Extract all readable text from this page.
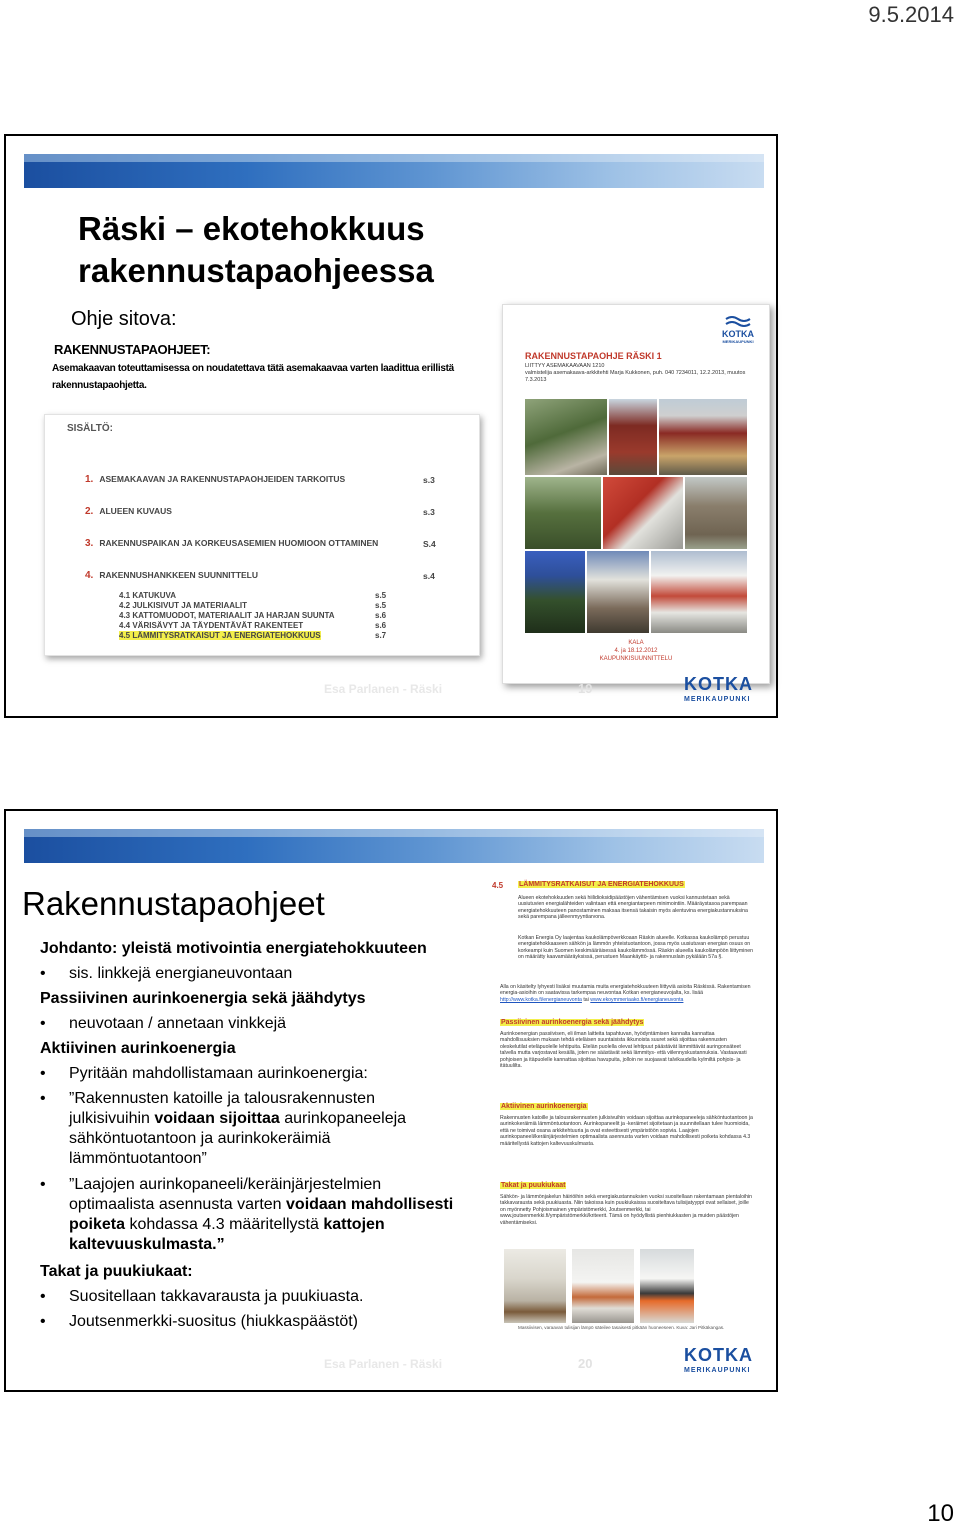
9.5.2014
10
Räski – ekotehokkuus rakennustapaohjeessa
Ohje sitova:
RAKENNUSTAPAOHJEET:
Asemakaavan toteuttamisessa on noudatettava tätä asemakaavaa varten laadittua erillistä rakennustapaohjetta.
SISÄLTÖ:
1. ASEMAKAAVAN JA RAKENNUSTAPAOHJEIDEN TARKOITUS	s.3
2. ALUEEN KUVAUS	s.3
3. RAKENNUSPAIKAN JA KORKEUSASEMIEN HUOMIOON OTTAMINEN	S.4
4. RAKENNUSHANKKEEN SUUNNITTELU	s.4
4.1 KATUKUVA	s.5
4.2 JULKISIVUT JA MATERIAALIT	s.5
4.3 KATTOMUODOT, MATERIAALIT JA HARJAN SUUNTA	s.6
4.4 VÄRISÄVYT JA TÄYDENTÄVÄT RAKENTEET	s.6
4.5 LÄMMITYSRATKAISUT JA ENERGIATEHOKKUUS	s.7
KOTKA
MERIKAUPUNKI
RAKENNUSTAPAOHJE RÄSKI 1
LIITTYY ASEMAKAAVAAN 1210
valmistelija asemakaava-arkkitehti Marja Kukkonen, puh. 040 7234011, 12.2.2013, muutos 7.3.2013
KALA
4. ja 18.12.2012
KAUPUNKISUUNNITTELU
Esa Parlanen - Räski	19	KOTKA
MERIKAUPUNKI
Rakennustapaohjeet
Johdanto: yleistä motivointia energiatehokkuuteen
• sis. linkkejä energianeuvontaan
Passiivinen aurinkoenergia sekä jäähdytys
• neuvotaan / annetaan vinkkejä
Aktiivinen aurinkoenergia
• Pyritään mahdollistamaan aurinkoenergia:
• ”Rakennusten katoille ja talousrakennusten julkisivuihin voidaan sijoittaa aurinkopaneeleja sähköntuotantoon ja aurinkokeräimiä lämmöntuotantoon”
• ”Laajojen aurinkopaneeli/keräinjärjestelmien optimaalista asennusta varten voidaan mahdollisesti poiketa kohdassa 4.3 määritellystä kattojen kaltevuuskulmasta.”
Takat ja puukiukaat:
• Suositellaan takkavarausta ja puukiuasta.
• Joutsenmerkki-suositus (hiukkaspäästöt)
4.5 LÄMMITYSRATKAISUT JA ENERGIATEHOKKUUS
Alueen ekotehokkuuden sekä hiilidioksidipäästöjen vähentämisen vuoksi kannustetaan sekä uusiutuvien energialähteiden valintaan että energiantarpeen minimointiin. Määräystasoa parempaan energiatehokkuuteen panostaminen maksaa itsensä takaisin myös alentuvina energiakustannuksina sekä parempana jälleenmyyntiarvona.
Kotkan Energia Oy laajentaa kaukolämpöverkkoaan Räskin alueelle. Kotkassa kaukolämpö perustuu energiatehokkaaseen sähkön ja lämmön yhteistuotantoon, jossa myös uusiutuvan energian osuus on korkeampi kuin Suomen keskimääräisessä kaukolämmössä. Räskin alueella kaukolämpöön liittyminen on määrätty kaavamääräyksissä, perustuen Maankäyttö- ja rakennuslain pykälään 57a §.
Alla on käsitelty lyhyesti lisäksi muutamia muita energiatehokkuuteen liittyviä asioita Räskissä. Rakentamisen energia-asioihin on saatavissa tarkempaa neuvontaa Kotkan energianeuvojalta, ks. lisää http://www.kotka.fi/energianeuvonta tai www.ekoymmeriaako.fi/energianeuvonta
Passiivinen aurinkoenergia sekä jäähdytys
Aurinkoenergian passiivisen, eli ilman laitteita tapahtuvan, hyödyntämisen kannalta kannattaa mahdollisuuksien mukaan tehdä eteläisen suuntaisista ikkunoista suuret sekä sijoittaa rakennusten oleskelutilat eteläpuolelle lehtipuita. Etelän puolella olevat lehtipuut päästävät lämmittävät auringonsäteet talvella mutta varjostavat kesällä, joten ne säästävät sekä lämmitys- että viilennyskustannuksia. Vastaavasti pohjoisen ja itäpuolelle kannattaa sijoittaa havupuita, jolloin ne suojaavat talvikaudella kylmiltä pohjois- ja itätuulilta.
Aktiivinen aurinkoenergia
Rakennusten katoille ja talousrakennusten julkisivuihin voidaan sijoittaa aurinkopaneeleja sähköntuotantoon ja aurinkokeräimiä lämmöntuotantoon. Aurinkopaneelit ja -keräimet sijoitetaan ja suunnitellaan tulee huomioida, että ne toimivat osana arkkitehtuuria ja ovat esteettisesti ympäristöön sopivia. Laajojen aurinkopaneeli/keräinjärjestelmien optimaalista asennusta varten voidaan mahdollisesti poiketa kohdassa 4.3 määritellystä kattojen kaltevuuskulmasta.
Takat ja puukiukaat
Sähkön- ja lämmönjakelun häiriöihin sekä energiakustannuksien vuoksi suositellaan rakentamaan pientaloihin takkavarausta sekä puukiuasta. Niin takoissa kuin puukiukaissa suositeltava tulisijatyyppi ovat sellaiset, joille on myönnetty Pohjoismainen ympäristömerkki, Joutsenmerkki, tai www.joutsenmerkki.fi/ympäristömerkki/kriteerit. Tämä on hyödyllistä pienhiukkasten ja muiden päästöjen vähentämiseksi.
Massiivisen, varaavan tulisijan lämpö säteilee tasaisesti pitkään huoneeseen. Kuva: Jari Pitkäkangas.
Esa Parlanen - Räski	20	KOTKA
MERIKAUPUNKI
